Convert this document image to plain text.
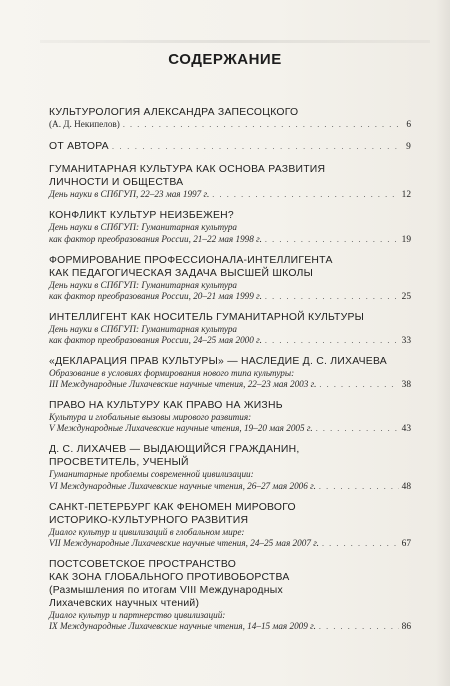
СОДЕРЖАНИЕ
КУЛЬТУРОЛОГИЯ АЛЕКСАНДРА ЗАПЕСОЦКОГО
(А. Д. Некипелов) . . .	6
ОТ АВТОРА . . .	9
ГУМАНИТАРНАЯ КУЛЬТУРА КАК ОСНОВА РАЗВИТИЯ
ЛИЧНОСТИ И ОБЩЕСТВА
День науки в СПбГУП, 22–23 мая 1997 г. . . .	12
КОНФЛИКТ КУЛЬТУР НЕИЗБЕЖЕН?
День науки в СПбГУП: Гуманитарная культура
как фактор преобразования России, 21–22 мая 1998 г. . . .	19
ФОРМИРОВАНИЕ ПРОФЕССИОНАЛА-ИНТЕЛЛИГЕНТА
КАК ПЕДАГОГИЧЕСКАЯ ЗАДАЧА ВЫСШЕЙ ШКОЛЫ
День науки в СПбГУП: Гуманитарная культура
как фактор преобразования России, 20–21 мая 1999 г. . . .	25
ИНТЕЛЛИГЕНТ КАК НОСИТЕЛЬ ГУМАНИТАРНОЙ КУЛЬТУРЫ
День науки в СПбГУП: Гуманитарная культура
как фактор преобразования России, 24–25 мая 2000 г. . . .	33
«ДЕКЛАРАЦИЯ ПРАВ КУЛЬТУРЫ» — НАСЛЕДИЕ Д. С. ЛИХАЧЕВА
Образование в условиях формирования нового типа культуры:
III Международные Лихачевские научные чтения, 22–23 мая 2003 г. . . .	38
ПРАВО НА КУЛЬТУРУ КАК ПРАВО НА ЖИЗНЬ
Культура и глобальные вызовы мирового развития:
V Международные Лихачевские научные чтения, 19–20 мая 2005 г. . . .	43
Д. С. ЛИХАЧЕВ — ВЫДАЮЩИЙСЯ ГРАЖДАНИН,
ПРОСВЕТИТЕЛЬ, УЧЕНЫЙ
Гуманитарные проблемы современной цивилизации:
VI Международные Лихачевские научные чтения, 26–27 мая 2006 г. . . .	48
САНКТ-ПЕТЕРБУРГ КАК ФЕНОМЕН МИРОВОГО
ИСТОРИКО-КУЛЬТУРНОГО РАЗВИТИЯ
Диалог культур и цивилизаций в глобальном мире:
VII Международные Лихачевские научные чтения, 24–25 мая 2007 г. . . .	67
ПОСТСОВЕТСКОЕ ПРОСТРАНСТВО
КАК ЗОНА ГЛОБАЛЬНОГО ПРОТИВОБОРСТВА
(Размышления по итогам VIII Международных
Лихачевских научных чтений)
Диалог культур и партнерство цивилизаций:
IX Международные Лихачевские научные чтения, 14–15 мая 2009 г. . . .	86
